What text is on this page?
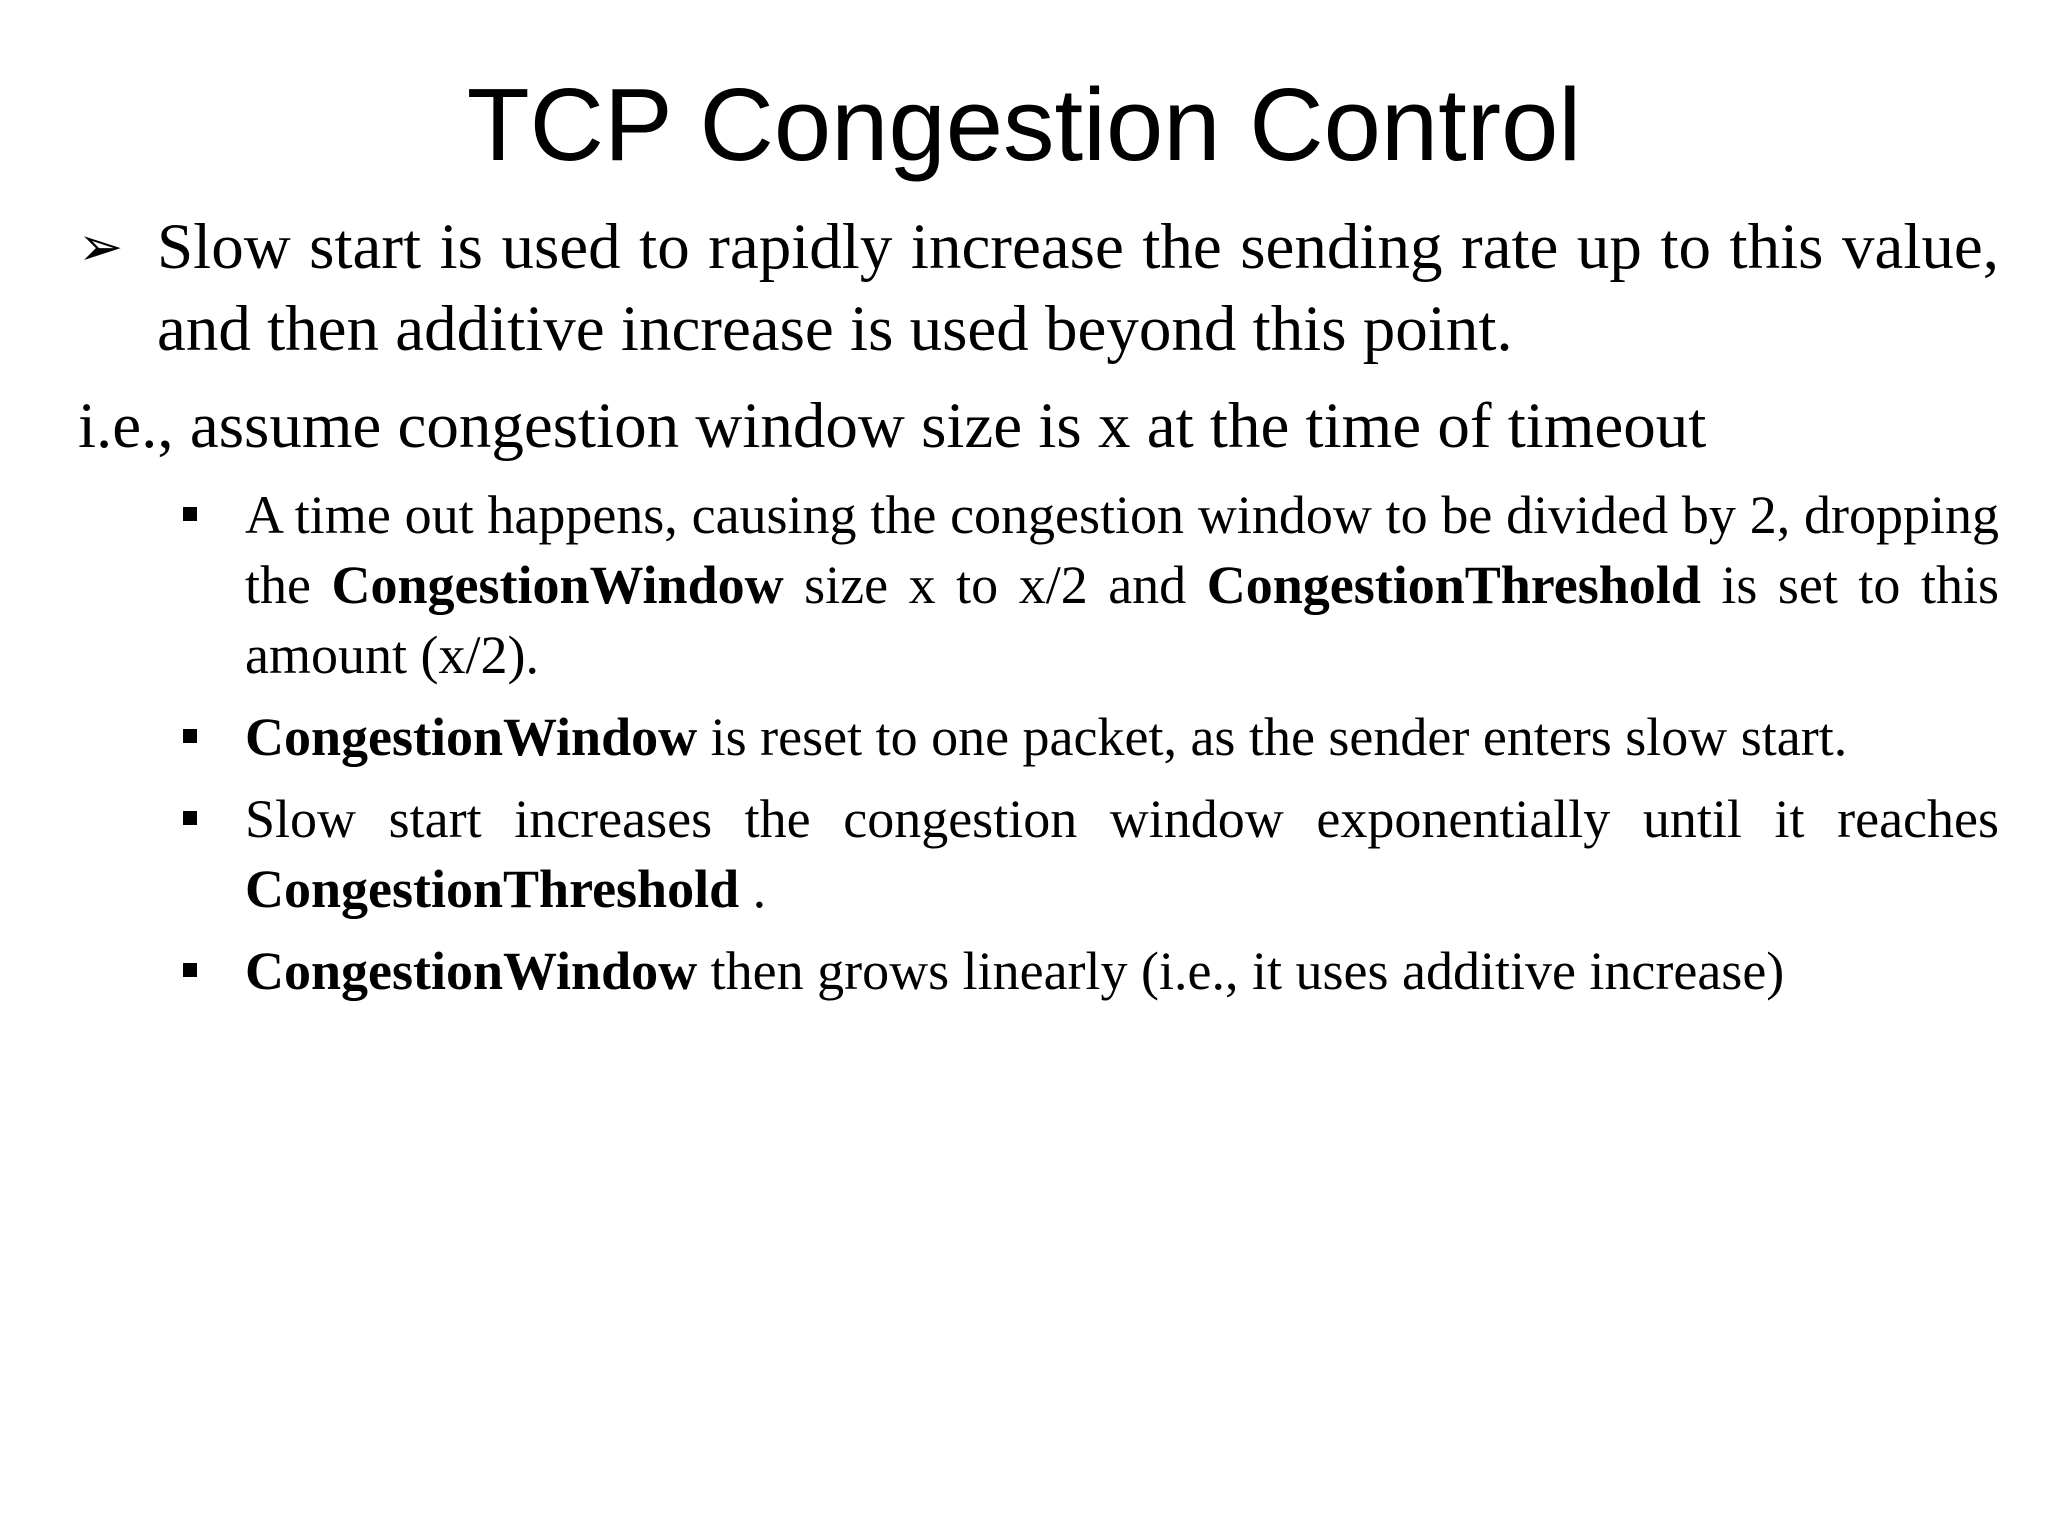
TCP Congestion Control
➢ Slow start is used to rapidly increase the sending rate up to this value, and then additive increase is used beyond this point.
i.e., assume congestion window size is x at the time of timeout
A time out happens, causing the congestion window to be divided by 2, dropping the CongestionWindow size x to x/2 and CongestionThreshold is set to this amount (x/2).
CongestionWindow is reset to one packet, as the sender enters slow start.
Slow start increases the congestion window exponentially until it reaches CongestionThreshold .
CongestionWindow then grows linearly (i.e., it uses additive increase)
